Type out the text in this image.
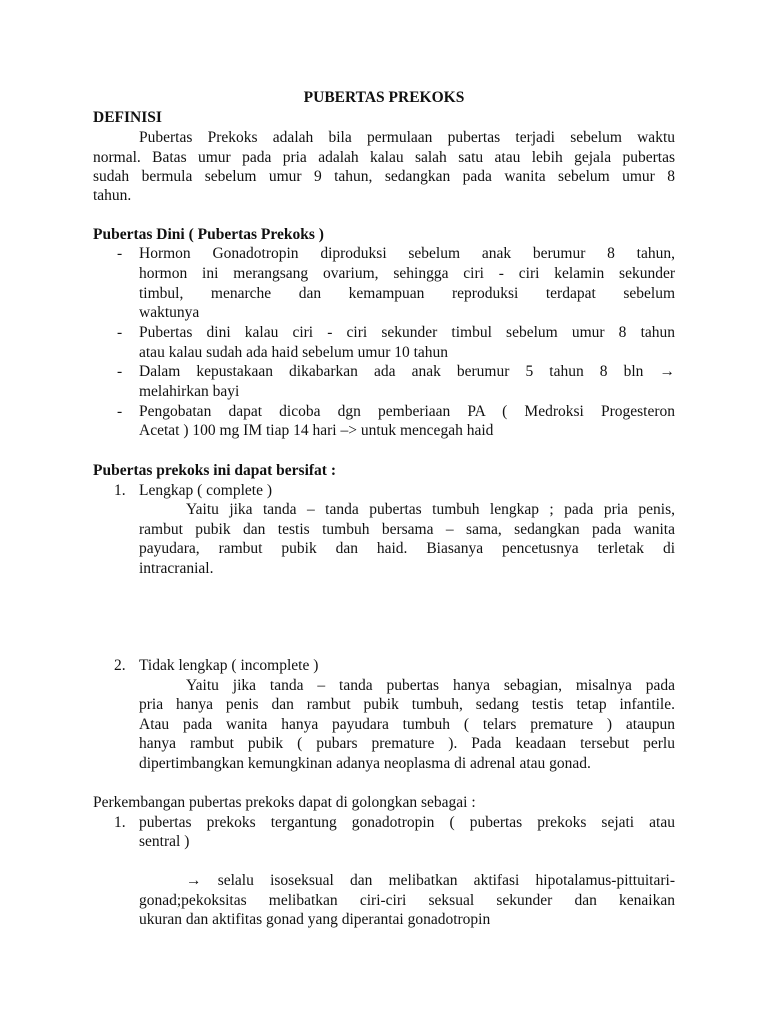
PUBERTAS PREKOKS

DEFINISI

Pubertas Prekoks adalah bila permulaan pubertas terjadi sebelum waktu

normal. Batas umur pada pria adalah kalau salah satu atau lebih gejala pubertas

sudah bermula sebelum umur 9 tahun, sedangkan pada wanita sebelum umur 8

tahun.

Pubertas Dini ( Pubertas Prekoks )

- Hormon Gonadotropin diproduksi sebelum anak berumur 8 tahun,

hormon ini merangsang ovarium, sehingga ciri - ciri kelamin sekunder

timbul, menarche dan kemampuan reproduksi terdapat sebelum

waktunya

- Pubertas dini kalau ciri - ciri sekunder timbul sebelum umur 8 tahun

atau kalau sudah ada haid sebelum umur 10 tahun

- Dalam kepustakaan dikabarkan ada anak berumur 5 tahun 8 bln →

melahirkan bayi

- Pengobatan dapat dicoba dgn pemberiaan PA ( Medroksi Progesteron

Acetat ) 100 mg IM tiap 14 hari –> untuk mencegah haid

Pubertas prekoks ini dapat bersifat :

1. Lengkap ( complete )

Yaitu jika tanda – tanda pubertas tumbuh lengkap ; pada pria penis,

rambut pubik dan testis tumbuh bersama – sama, sedangkan pada wanita

payudara, rambut pubik dan haid. Biasanya pencetusnya terletak di

intracranial.

2. Tidak lengkap ( incomplete )

Yaitu jika tanda – tanda pubertas hanya sebagian, misalnya pada

pria hanya penis dan rambut pubik tumbuh, sedang testis tetap infantile.

Atau pada wanita hanya payudara tumbuh ( telars premature ) ataupun

hanya rambut pubik ( pubars premature ). Pada keadaan tersebut perlu

dipertimbangkan kemungkinan adanya neoplasma di adrenal atau gonad.

Perkembangan pubertas prekoks dapat di golongkan sebagai :

1. pubertas prekoks tergantung gonadotropin ( pubertas prekoks sejati atau

sentral )

→ selalu isoseksual dan melibatkan aktifasi hipotalamus-pittuitari-

gonad;pekoksitas melibatkan ciri-ciri seksual sekunder dan kenaikan

ukuran dan aktifitas gonad yang diperantai gonadotropin
